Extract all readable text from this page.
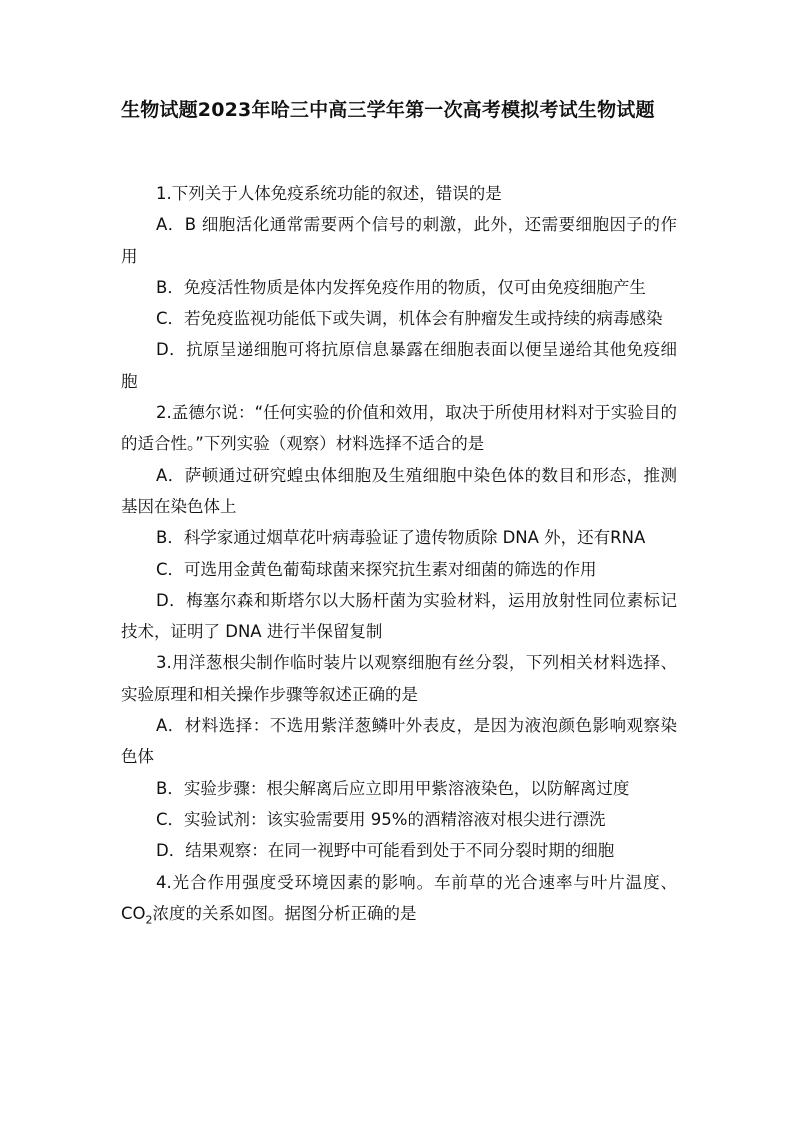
生物试题2023年哈三中高三学年第一次高考模拟考试生物试题

1.下列关于人体免疫系统功能的叙述，错误的是

A．B 细胞活化通常需要两个信号的刺激，此外，还需要细胞因子的作用

B．免疫活性物质是体内发挥免疫作用的物质，仅可由免疫细胞产生

C．若免疫监视功能低下或失调，机体会有肿瘤发生或持续的病毒感染

D．抗原呈递细胞可将抗原信息暴露在细胞表面以便呈递给其他免疫细胞

2.孟德尔说：“任何实验的价值和效用，取决于所使用材料对于实验目的的适合性。”下列实验（观察）材料选择不适合的是

A．萨顿通过研究蝗虫体细胞及生殖细胞中染色体的数目和形态，推测基因在染色体上

B．科学家通过烟草花叶病毒验证了遗传物质除 DNA 外，还有RNA

C．可选用金黄色葡萄球菌来探究抗生素对细菌的筛选的作用

D．梅塞尔森和斯塔尔以大肠杆菌为实验材料，运用放射性同位素标记技术，证明了 DNA 进行半保留复制

3.用洋葱根尖制作临时装片以观察细胞有丝分裂，下列相关材料选择、实验原理和相关操作步骤等叙述正确的是

A．材料选择：不选用紫洋葱鳞叶外表皮，是因为液泡颜色影响观察染色体

B．实验步骤：根尖解离后应立即用甲紫溶液染色，以防解离过度

C．实验试剂：该实验需要用 95%的酒精溶液对根尖进行漂洗

D．结果观察：在同一视野中可能看到处于不同分裂时期的细胞

4.光合作用强度受环境因素的影响。车前草的光合速率与叶片温度、$CO_2$浓度的关系如图。据图分析正确的是
